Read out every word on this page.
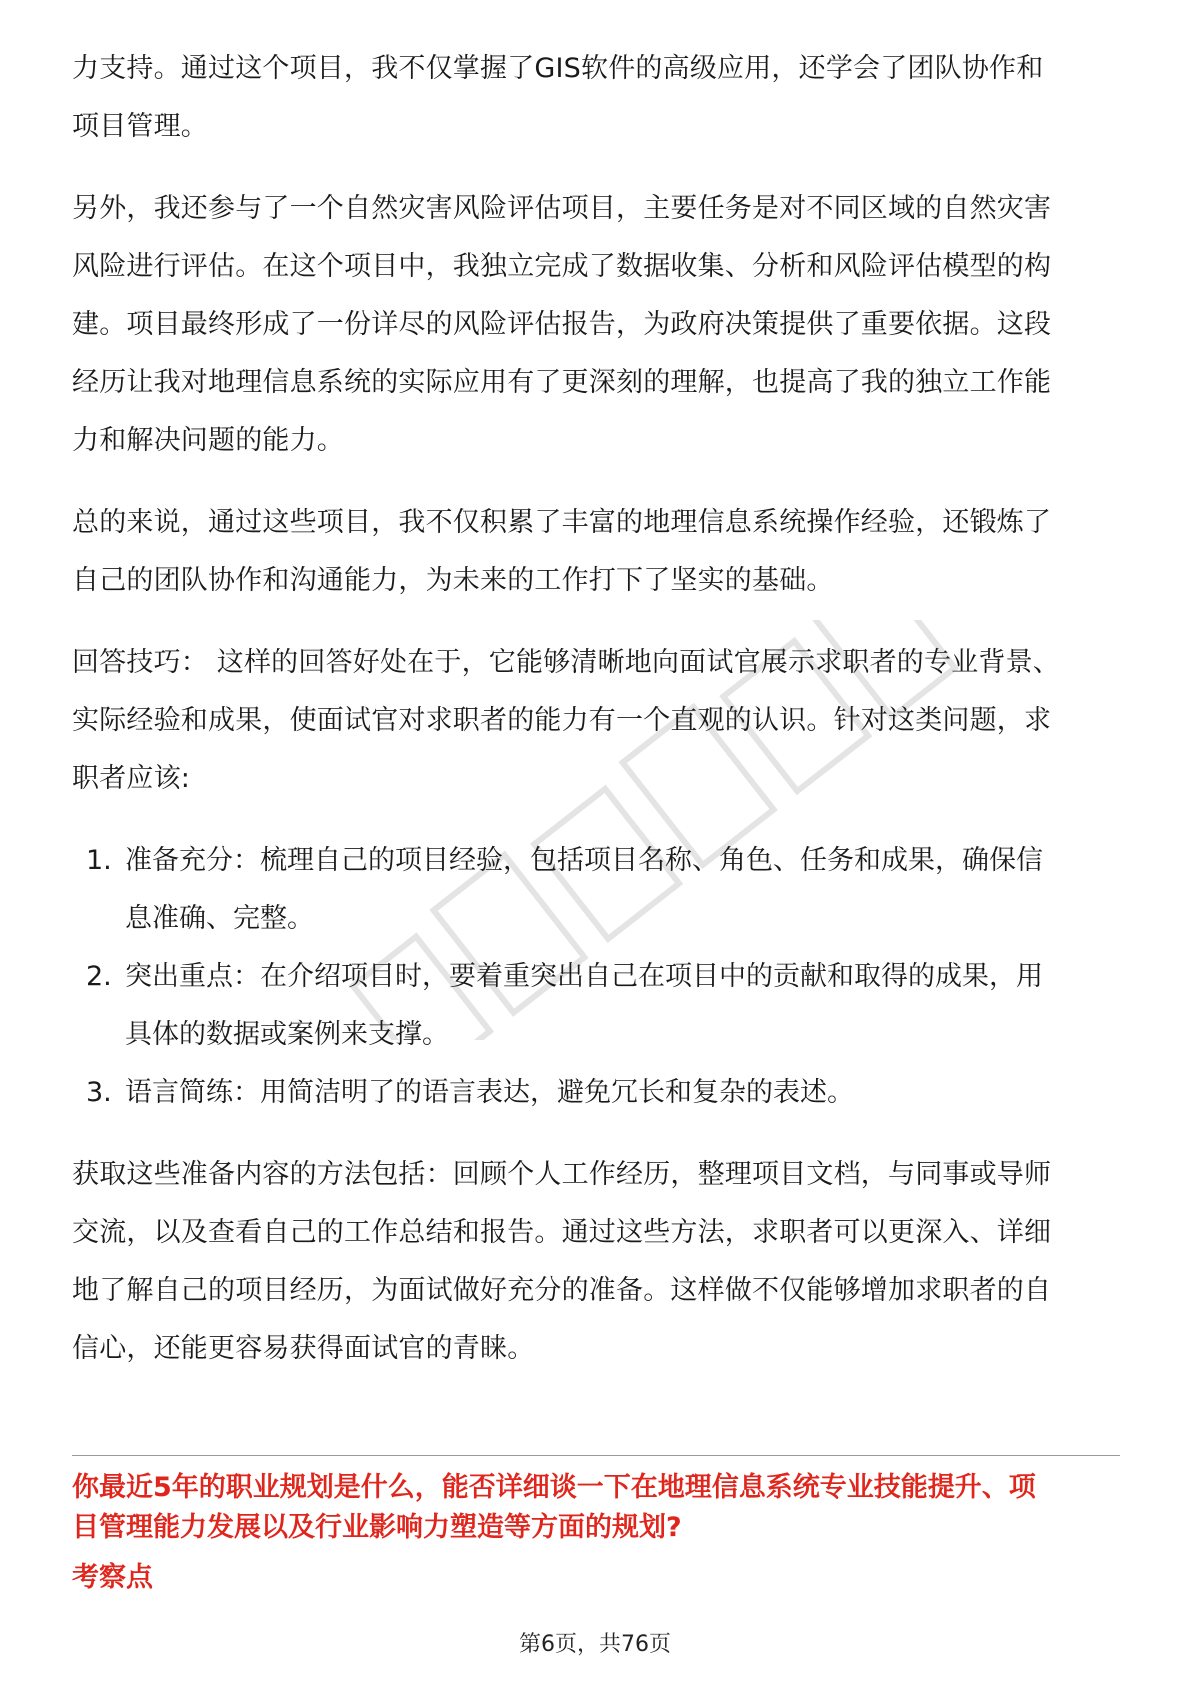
力支持。通过这个项目，我不仅掌握了GIS软件的高级应用，还学会了团队协作和

项目管理。

另外，我还参与了一个自然灾害风险评估项目，主要任务是对不同区域的自然灾害

风险进行评估。在这个项目中，我独立完成了数据收集、分析和风险评估模型的构

建。项目最终形成了一份详尽的风险评估报告，为政府决策提供了重要依据。这段

经历让我对地理信息系统的实际应用有了更深刻的理解，也提高了我的独立工作能

力和解决问题的能力。

总的来说，通过这些项目，我不仅积累了丰富的地理信息系统操作经验，还锻炼了

自己的团队协作和沟通能力，为未来的工作打下了坚实的基础。

回答技巧： 这样的回答好处在于，它能够清晰地向面试官展示求职者的专业背景、

实际经验和成果，使面试官对求职者的能力有一个直观的认识。针对这类问题，求

职者应该:

1. 准备充分：梳理自己的项目经验，包括项目名称、角色、任务和成果，确保信
息准确、完整。
2. 突出重点：在介绍项目时，要着重突出自己在项目中的贡献和取得的成果，用
具体的数据或案例来支撑。
3. 语言简练：用简洁明了的语言表达，避免冗长和复杂的表述。

获取这些准备内容的方法包括：回顾个人工作经历，整理项目文档，与同事或导师

交流，以及查看自己的工作总结和报告。通过这些方法，求职者可以更深入、详细

地了解自己的项目经历，为面试做好充分的准备。这样做不仅能够增加求职者的自

信心，还能更容易获得面试官的青睐。

你最近5年的职业规划是什么，能否详细谈一下在地理信息系统专业技能提升、项
目管理能力发展以及行业影响力塑造等方面的规划?

考察点

第6页，共76页
